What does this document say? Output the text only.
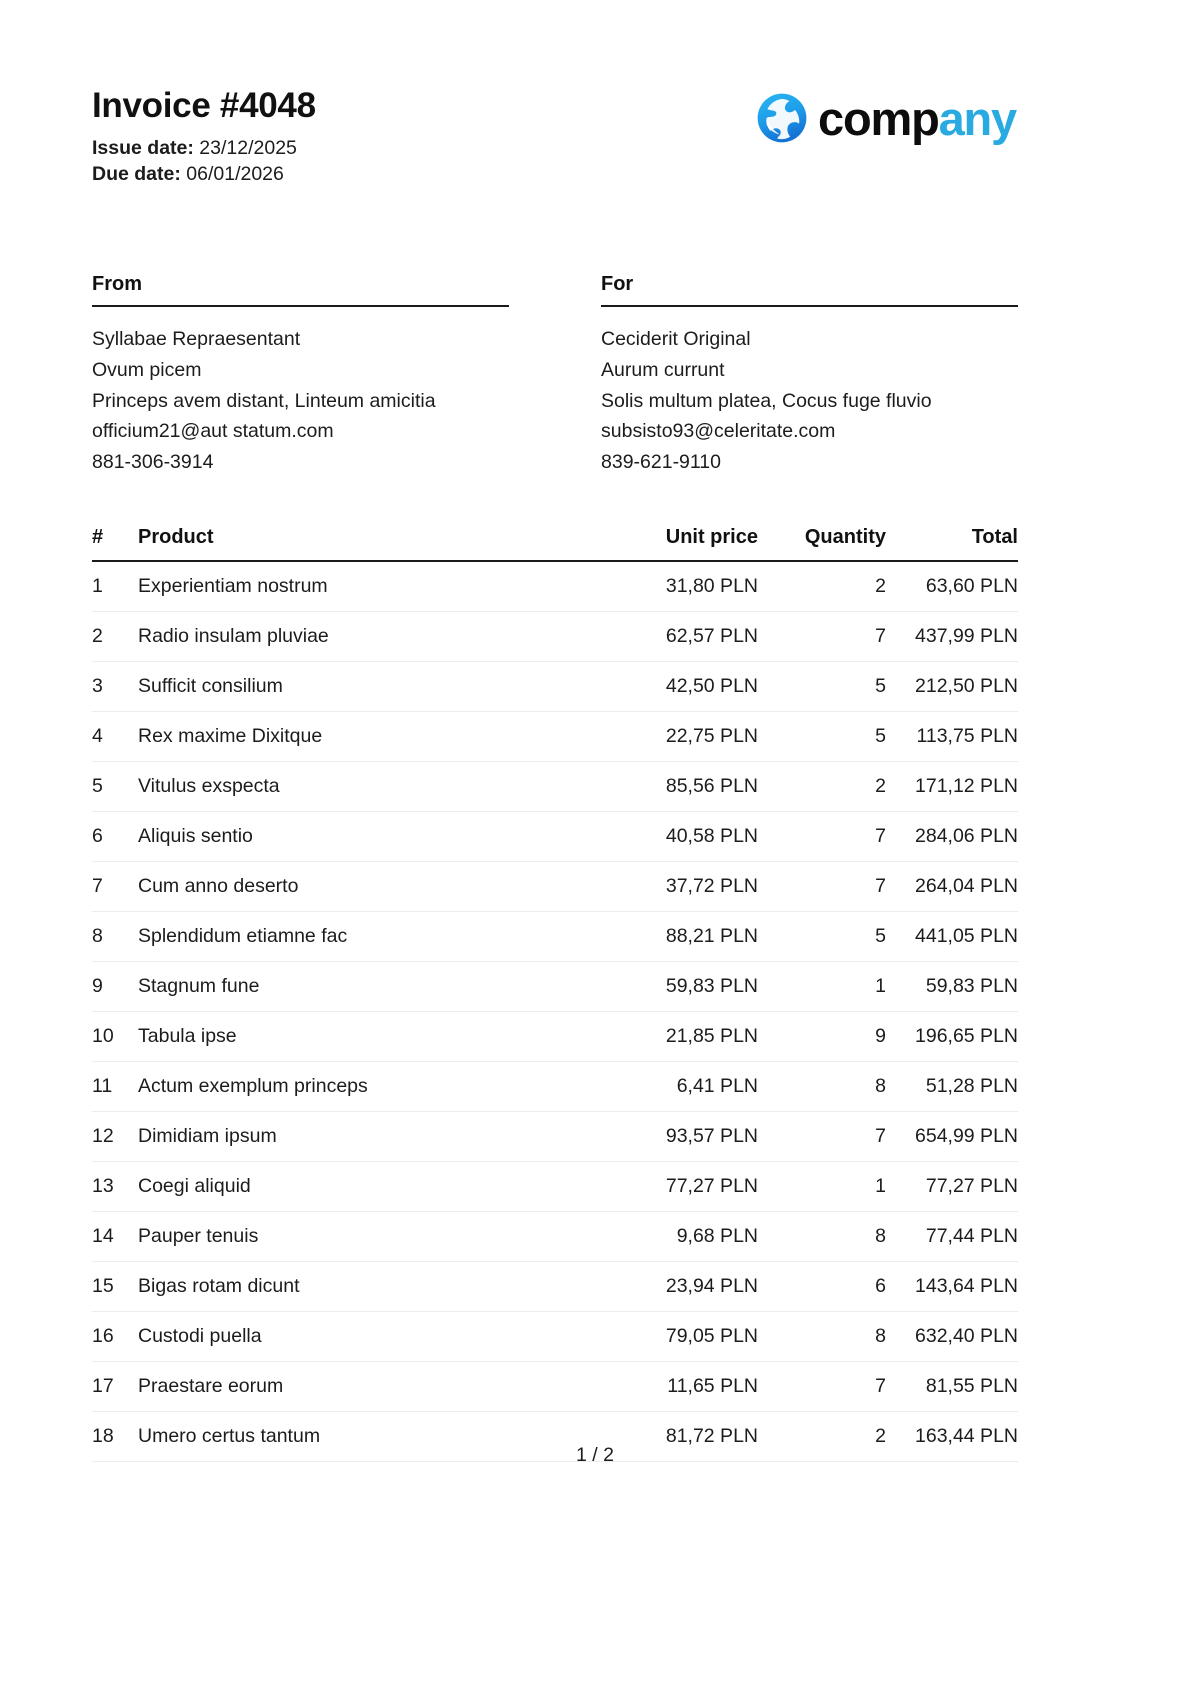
Invoice #4048
Issue date: 23/12/2025
Due date: 06/01/2026
company
From
Syllabae Repraesentant
Ovum picem
Princeps avem distant, Linteum amicitia
officium21@aut statum.com
881-306-3914
For
Ceciderit Original
Aurum currunt
Solis multum platea, Cocus fuge fluvio
subsisto93@celeritate.com
839-621-9110
#	Product	Unit price	Quantity	Total
1	Experientiam nostrum	31,80 PLN	2	63,60 PLN
2	Radio insulam pluviae	62,57 PLN	7	437,99 PLN
3	Sufficit consilium	42,50 PLN	5	212,50 PLN
4	Rex maxime Dixitque	22,75 PLN	5	113,75 PLN
5	Vitulus exspecta	85,56 PLN	2	171,12 PLN
6	Aliquis sentio	40,58 PLN	7	284,06 PLN
7	Cum anno deserto	37,72 PLN	7	264,04 PLN
8	Splendidum etiamne fac	88,21 PLN	5	441,05 PLN
9	Stagnum fune	59,83 PLN	1	59,83 PLN
10	Tabula ipse	21,85 PLN	9	196,65 PLN
11	Actum exemplum princeps	6,41 PLN	8	51,28 PLN
12	Dimidiam ipsum	93,57 PLN	7	654,99 PLN
13	Coegi aliquid	77,27 PLN	1	77,27 PLN
14	Pauper tenuis	9,68 PLN	8	77,44 PLN
15	Bigas rotam dicunt	23,94 PLN	6	143,64 PLN
16	Custodi puella	79,05 PLN	8	632,40 PLN
17	Praestare eorum	11,65 PLN	7	81,55 PLN
18	Umero certus tantum	81,72 PLN	2	163,44 PLN
1 / 2
